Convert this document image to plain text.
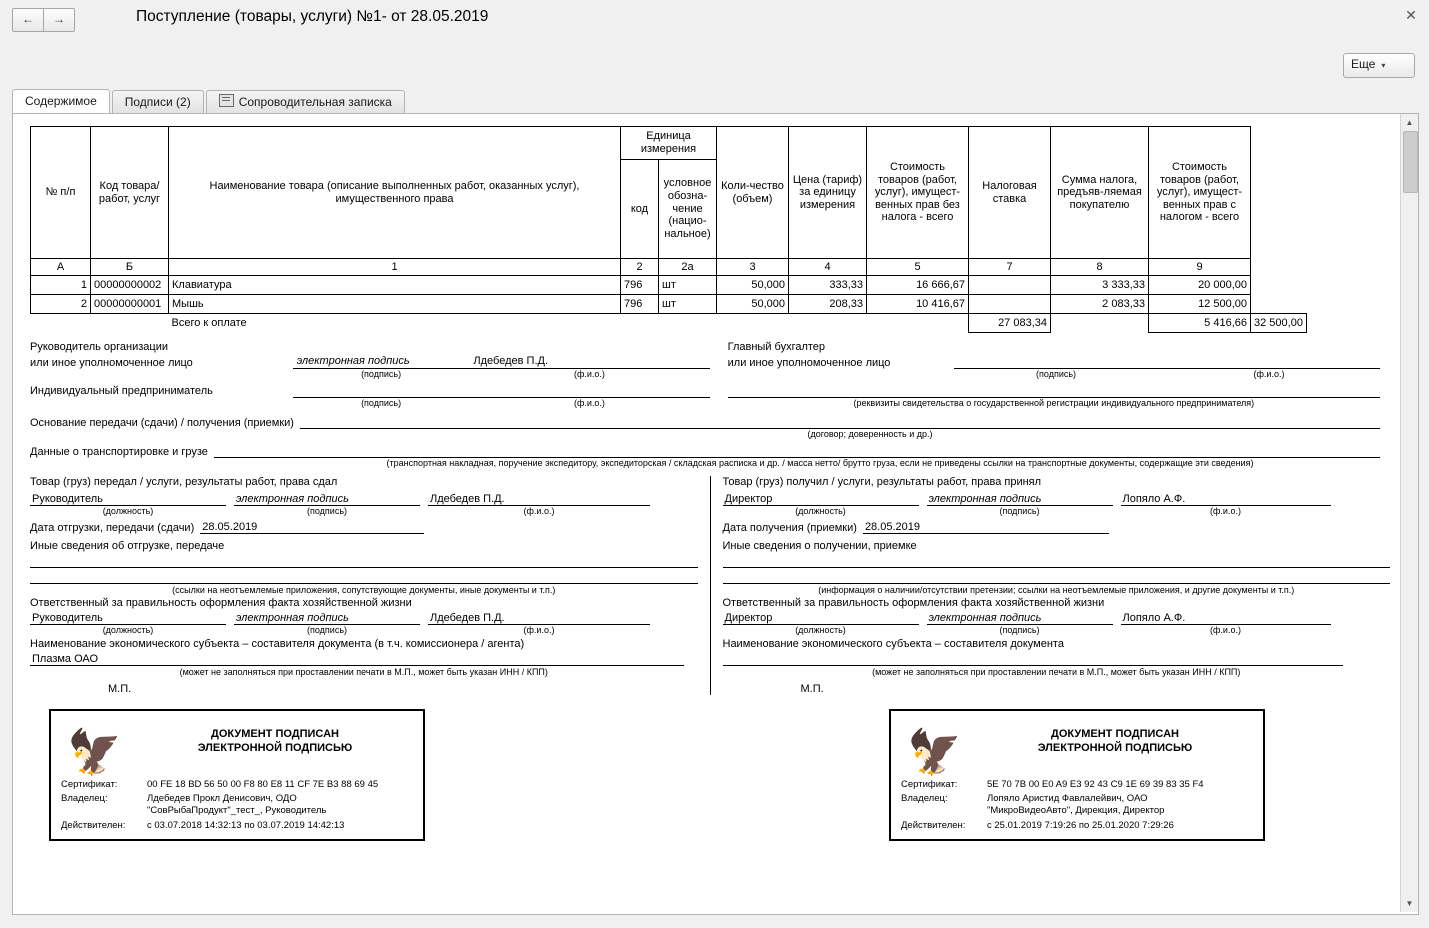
←	→	Поступление (товары, услуги) №1- от 28.05.2019	✕
Еще ▾
Содержимое	Подписи (2)	Сопроводительная записка
№ п/п	Код товара/ работ, услуг	Наименование товара (описание выполненных работ, оказанных услуг), имущественного права	Единица измерения		Коли-чество (объем)	Цена (тариф) за единицу измерения	Стоимость товаров (работ, услуг), имущест-венных прав без налога - всего	Налоговая ставка	Сумма налога, предъяв-ляемая покупателю	Стоимость товаров (работ, услуг), имущест-венных прав с налогом - всего	
			код	условное обозна-чение (нацио-нальное)							
А	Б	1	2	2а	3	4	5	7	8	9	
1	00000000002	Клавиатура	796	шт	50,000	333,33	16 666,67		3 333,33	20 000,00	
2	00000000001	Мышь	796	шт	50,000	208,33	10 416,67		2 083,33	12 500,00	
		Всего к оплате						27 083,34		5 416,66	32 500,00
Руководитель организации				Главный бухгалтер		
или иное уполномоченное лицо	электронная подпись	Лдебедев П.Д.		или иное уполномоченное лицо	

	(подпись)	(ф.и.о.)			(подпись)	(ф.и.о.)
Индивидуальный предприниматель						
	(подпись)	(ф.и.о.)		(реквизиты свидетельства о государственной регистрации индивидуального предпринимателя)		
Основание передачи (сдачи) / получения (приемки)
(договор; доверенность и др.)
Данные о транспортировке и грузе
(транспортная накладная, поручение экспедитору, экспедиторская / складская расписка и др. / масса нетто/ брутто груза, если не приведены ссылки на транспортные документы, содержащие эти сведения)
Товар (груз) передал / услуги, результаты работ, права сдал
Руководитель	электронная подпись	Лдебедев П.Д.
(должность)	(подпись)	(ф.и.о.)
Дата отгрузки, передачи (сдачи) 28.05.2019
Иные сведения об отгрузке, передаче
(ссылки на неотъемлемые приложения, сопутствующие документы, иные документы и т.п.)
Ответственный за правильность оформления факта хозяйственной жизни
Руководитель	электронная подпись	Лдебедев П.Д.
(должность)	(подпись)	(ф.и.о.)
Наименование экономического субъекта – составителя документа (в т.ч. комиссионера / агента)
Плазма ОАО
(может не заполняться при проставлении печати в М.П., может быть указан ИНН / КПП)
М.П.
Товар (груз) получил / услуги, результаты работ, права принял
Директор	электронная подпись	Лопяло А.Ф.
(должность)	(подпись)	(ф.и.о.)
Дата получения (приемки) 28.05.2019
Иные сведения о получении, приемке
(информация о наличии/отсутствии претензии; ссылки на неотъемлемые приложения, и другие документы и т.п.)
Ответственный за правильность оформления факта хозяйственной жизни
Директор	электронная подпись	Лопяло А.Ф.
(должность)	(подпись)	(ф.и.о.)
Наименование экономического субъекта – составителя документа
(может не заполняться при проставлении печати в М.П., может быть указан ИНН / КПП)
М.П.
🦅	ДОКУМЕНТ ПОДПИСАН
ЭЛЕКТРОННОЙ ПОДПИСЬЮ
Сертификат:	00 FE 18 BD 56 50 00 F8 80 E8 11 CF 7E B3 88 69 45
Владелец:	Лдебедев Прокл Денисович, ОДО
"СовРыбаПродукт"_тест_, Руководитель
Действителен:	с 03.07.2018 14:32:13 по 03.07.2019 14:42:13
🦅	ДОКУМЕНТ ПОДПИСАН
ЭЛЕКТРОННОЙ ПОДПИСЬЮ
Сертификат:	5E 70 7B 00 E0 A9 E3 92 43 C9 1E 69 39 83 35 F4
Владелец:	Лопяло Аристид Фавлалейвич, ОАО
"МикроВидеоАвто", Дирекция, Директор
Действителен:	с 25.01.2019 7:19:26 по 25.01.2020 7:29:26
▲
▼
